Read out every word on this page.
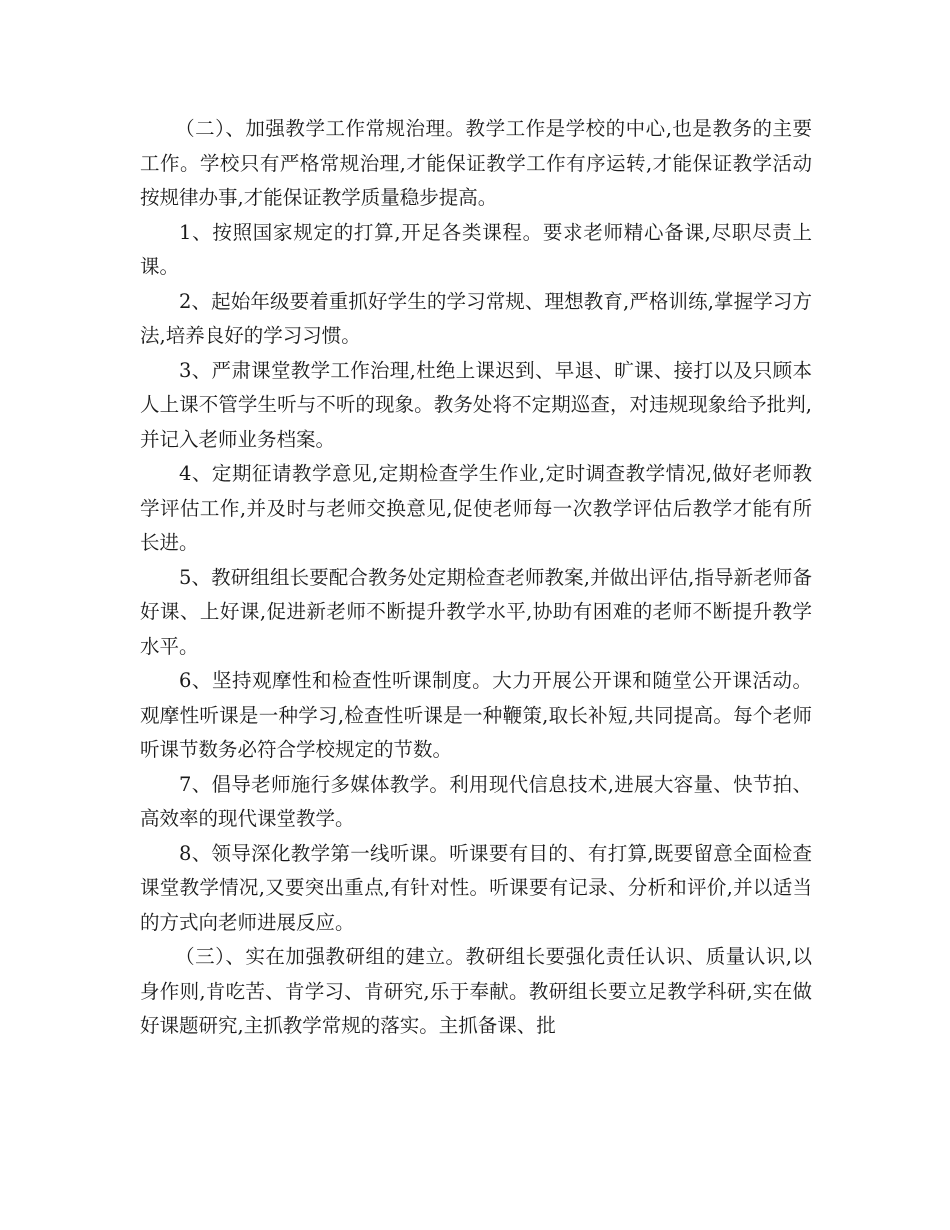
（二）、加强教学工作常规治理。教学工作是学校的中心,也是教务的主要工作。学校只有严格常规治理,才能保证教学工作有序运转,才能保证教学活动按规律办事,才能保证教学质量稳步提高。

1、按照国家规定的打算,开足各类课程。要求老师精心备课,尽职尽责上课。

2、起始年级要着重抓好学生的学习常规、理想教育,严格训练,掌握学习方法,培养良好的学习习惯。

3、严肃课堂教学工作治理,杜绝上课迟到、早退、旷课、接打以及只顾本人上课不管学生听与不听的现象。教务处将不定期巡查，对违规现象给予批判,并记入老师业务档案。

4、定期征请教学意见,定期检查学生作业,定时调查教学情况,做好老师教学评估工作,并及时与老师交换意见,促使老师每一次教学评估后教学才能有所长进。

5、教研组组长要配合教务处定期检查老师教案,并做出评估,指导新老师备好课、上好课,促进新老师不断提升教学水平,协助有困难的老师不断提升教学水平。

6、坚持观摩性和检查性听课制度。大力开展公开课和随堂公开课活动。观摩性听课是一种学习,检查性听课是一种鞭策,取长补短,共同提高。每个老师听课节数务必符合学校规定的节数。

7、倡导老师施行多媒体教学。利用现代信息技术,进展大容量、快节拍、高效率的现代课堂教学。

8、领导深化教学第一线听课。听课要有目的、有打算,既要留意全面检查课堂教学情况,又要突出重点,有针对性。听课要有记录、分析和评价,并以适当的方式向老师进展反应。

（三）、实在加强教研组的建立。教研组长要强化责任认识、质量认识,以身作则,肯吃苦、肯学习、肯研究,乐于奉献。教研组长要立足教学科研,实在做好课题研究,主抓教学常规的落实。主抓备课、批
